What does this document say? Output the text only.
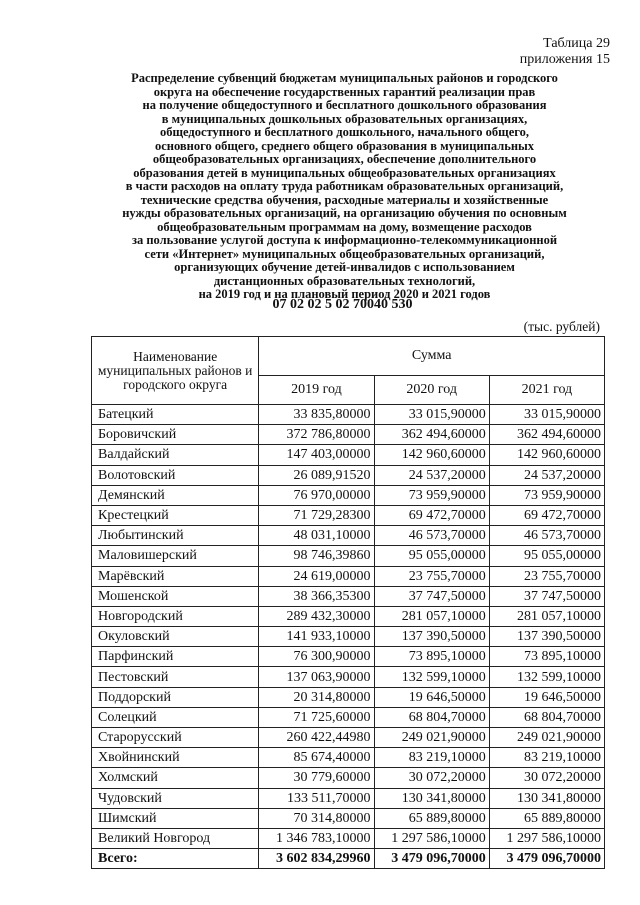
Таблица 29
приложения 15
Распределение субвенций бюджетам муниципальных районов и городского
округа на обеспечение государственных гарантий реализации прав
на получение общедоступного и бесплатного дошкольного образования
в муниципальных дошкольных образовательных организациях,
общедоступного и бесплатного дошкольного, начального общего,
основного общего, среднего общего образования в муниципальных
общеобразовательных организациях, обеспечение дополнительного
образования детей в муниципальных общеобразовательных организациях
в части расходов на оплату труда работникам образовательных организаций,
технические средства обучения, расходные материалы и хозяйственные
нужды образовательных организаций, на организацию обучения по основным
общеобразовательным программам на дому, возмещение расходов
за пользование услугой доступа к информационно-телекоммуникационной
сети «Интернет» муниципальных общеобразовательных организаций,
организующих обучение детей-инвалидов с использованием
дистанционных образовательных технологий,
на 2019 год и на плановый период 2020 и 2021 годов
07 02 02 5 02 70040 530
(тыс. рублей)
Наименование муниципальных районов и городского округа	Сумма		
	2019 год	2020 год	2021 год
Батецкий	33 835,80000	33 015,90000	33 015,90000
Боровичский	372 786,80000	362 494,60000	362 494,60000
Валдайский	147 403,00000	142 960,60000	142 960,60000
Волотовский	26 089,91520	24 537,20000	24 537,20000
Демянский	76 970,00000	73 959,90000	73 959,90000
Крестецкий	71 729,28300	69 472,70000	69 472,70000
Любытинский	48 031,10000	46 573,70000	46 573,70000
Маловишерский	98 746,39860	95 055,00000	95 055,00000
Марёвский	24 619,00000	23 755,70000	23 755,70000
Мошенской	38 366,35300	37 747,50000	37 747,50000
Новгородский	289 432,30000	281 057,10000	281 057,10000
Окуловский	141 933,10000	137 390,50000	137 390,50000
Парфинский	76 300,90000	73 895,10000	73 895,10000
Пестовский	137 063,90000	132 599,10000	132 599,10000
Поддорский	20 314,80000	19 646,50000	19 646,50000
Солецкий	71 725,60000	68 804,70000	68 804,70000
Старорусский	260 422,44980	249 021,90000	249 021,90000
Хвойнинский	85 674,40000	83 219,10000	83 219,10000
Холмский	30 779,60000	30 072,20000	30 072,20000
Чудовский	133 511,70000	130 341,80000	130 341,80000
Шимский	70 314,80000	65 889,80000	65 889,80000
Великий Новгород	1 346 783,10000	1 297 586,10000	1 297 586,10000
Всего:	3 602 834,29960	3 479 096,70000	3 479 096,70000
